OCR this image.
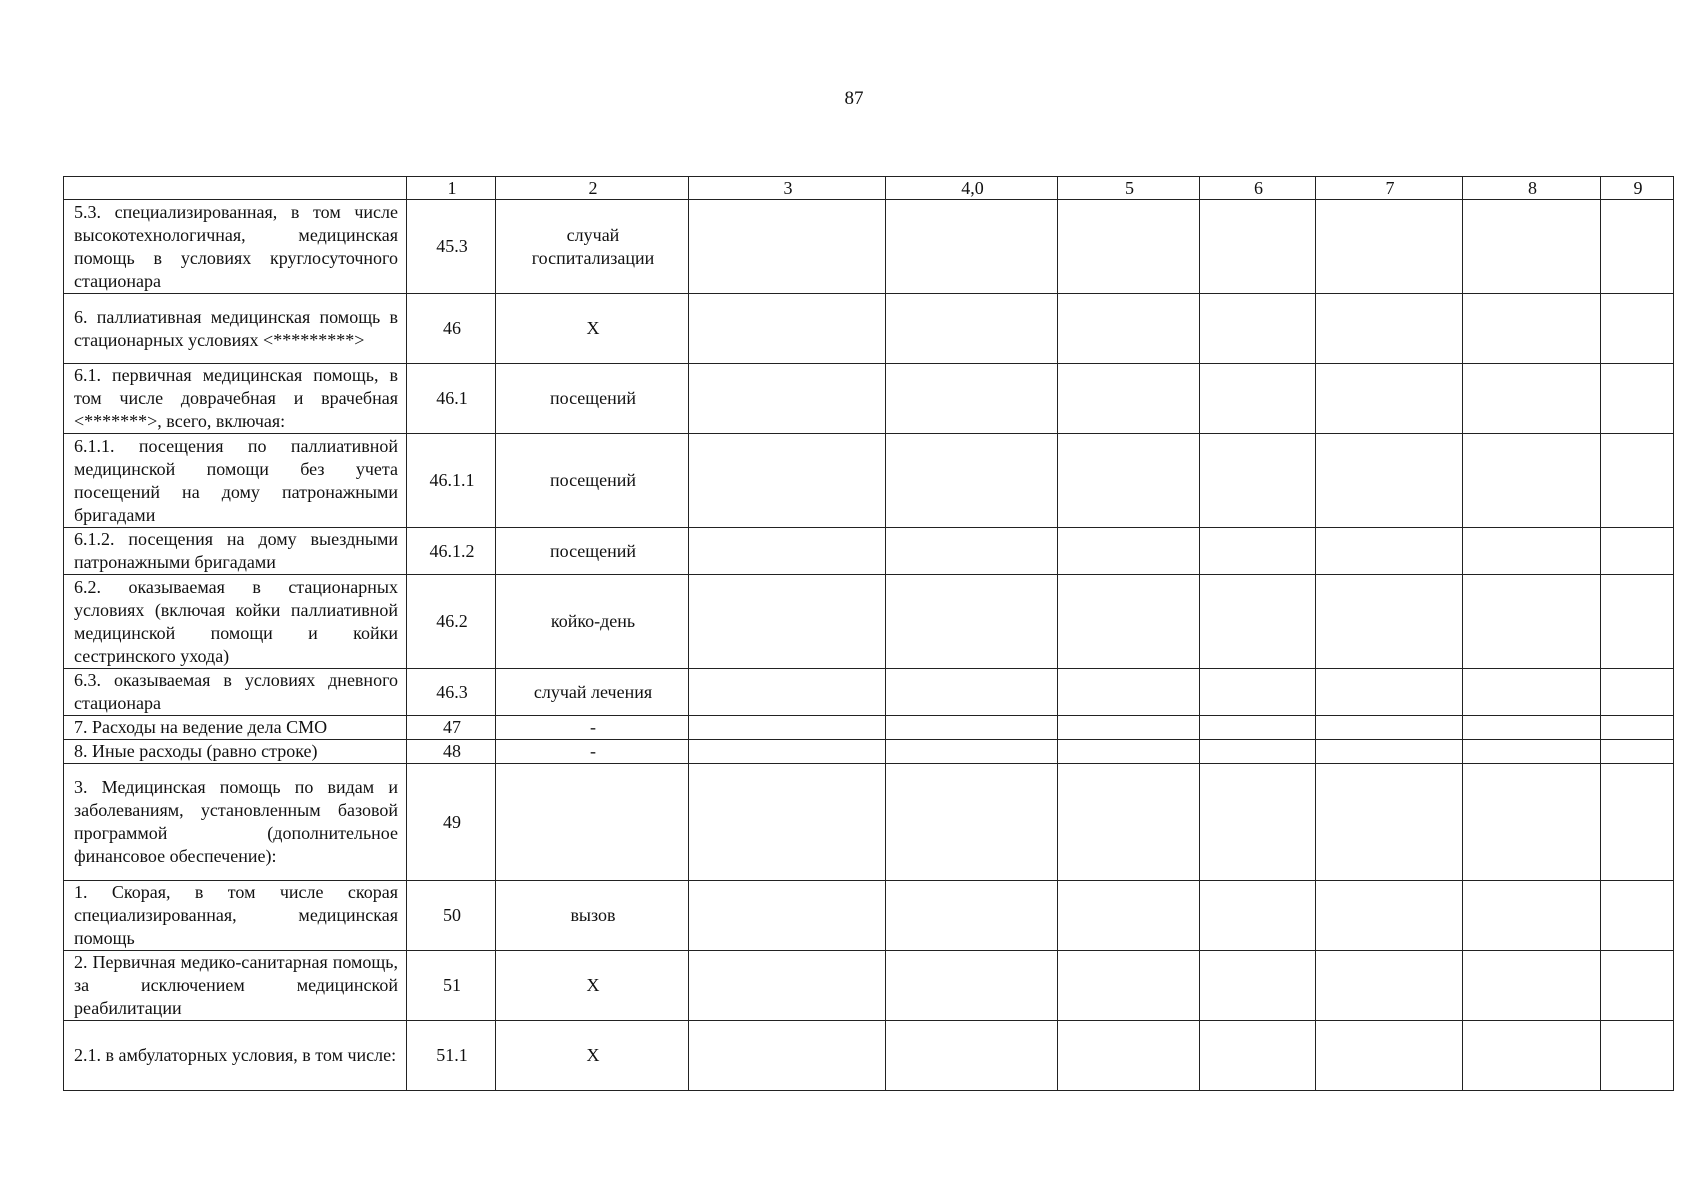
87
	1	2	3	4,0	5	6	7	8	9
5.3. специализированная, в том числе высокотехнологичная, медицинская помощь в условиях круглосуточного стационара	45.3	случай госпитализации							
6. паллиативная медицинская помощь в стационарных условиях <*********>	46	X							
6.1. первичная медицинская помощь, в том числе доврачебная и врачебная <*******>, всего, включая:	46.1	посещений							
6.1.1. посещения по паллиативной медицинской помощи без учета посещений на дому патронажными бригадами	46.1.1	посещений							
6.1.2. посещения на дому выездными патронажными бригадами	46.1.2	посещений							
6.2. оказываемая в стационарных условиях (включая койки паллиативной медицинской помощи и койки сестринского ухода)	46.2	койко-день							
6.3. оказываемая в условиях дневного стационара	46.3	случай лечения							
7. Расходы на ведение дела СМО	47	-							
8. Иные расходы (равно строке)	48	-							
3. Медицинская помощь по видам и заболеваниям, установленным базовой программой (дополнительное финансовое обеспечение):	49								
1. Скорая, в том числе скорая специализированная, медицинская помощь	50	вызов							
2. Первичная медико-санитарная помощь, за исключением медицинской реабилитации	51	X							
2.1. в амбулаторных условия, в том числе:	51.1	X							
